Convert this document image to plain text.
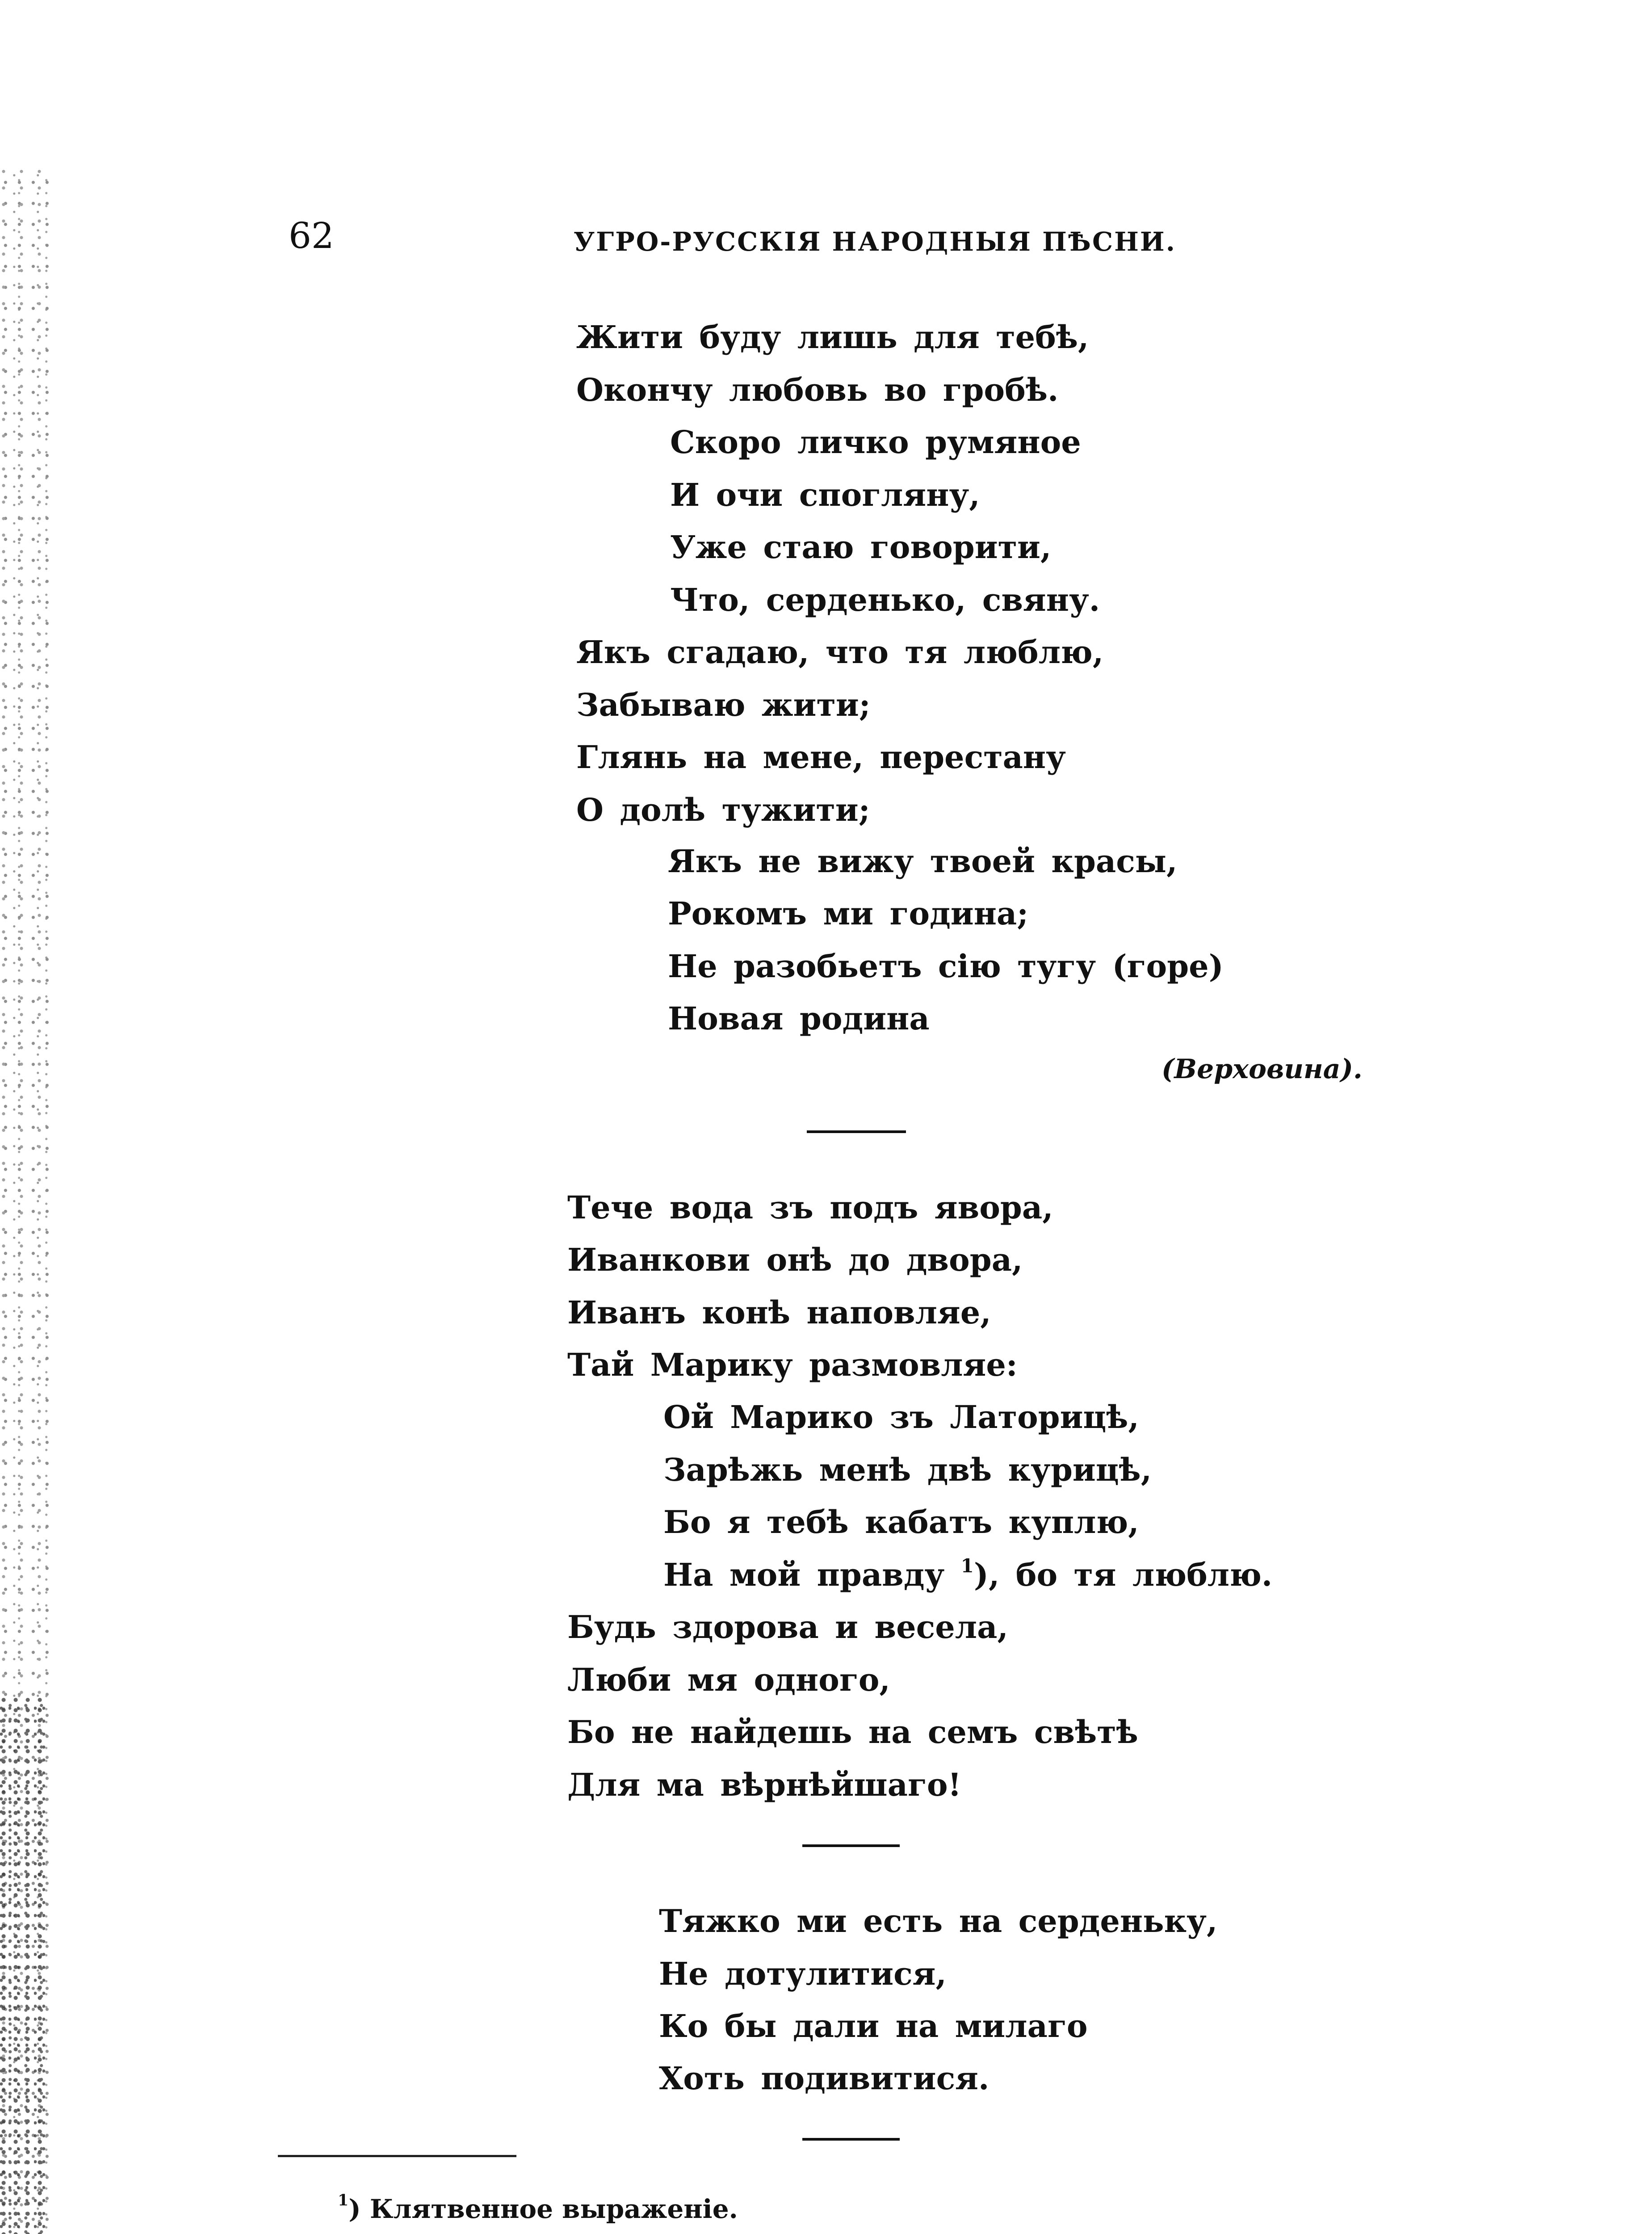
62	УГРО-РУССКІЯ НАРОДНЫЯ ПѢСНИ.
Жити буду лишь для тебѣ,
Окончу любовь во гробѣ.
Скоро личко румяное
И очи спогляну,
Уже стаю говорити,
Что, серденько, свяну.
Якъ сгадаю, что тя люблю,
Забываю жити;
Глянь на мене, перестану
О долѣ тужити;
Якъ не вижу твоей красы,
Рокомъ ми година;
Не разобьетъ сію тугу (горе)
Новая родина
(Верховина).
Тече вода зъ подъ явора,
Иванкови онѣ до двора,
Иванъ конѣ наповляе,
Тай Марику размовляе:
Ой Марико зъ Латорицѣ,
Зарѣжь менѣ двѣ курицѣ,
Бо я тебѣ кабатъ куплю,
На мой правду $^1$), бо тя люблю.
Будь здорова и весела,
Люби мя одного,
Бо не найдешь на семъ свѣтѣ
Для ма вѣрнѣйшаго!
Тяжко ми есть на серденьку,
Не дотулитися,
Ко бы дали на милаго
Хоть подивитися.
$^1$) Клятвенное выраженіе.
